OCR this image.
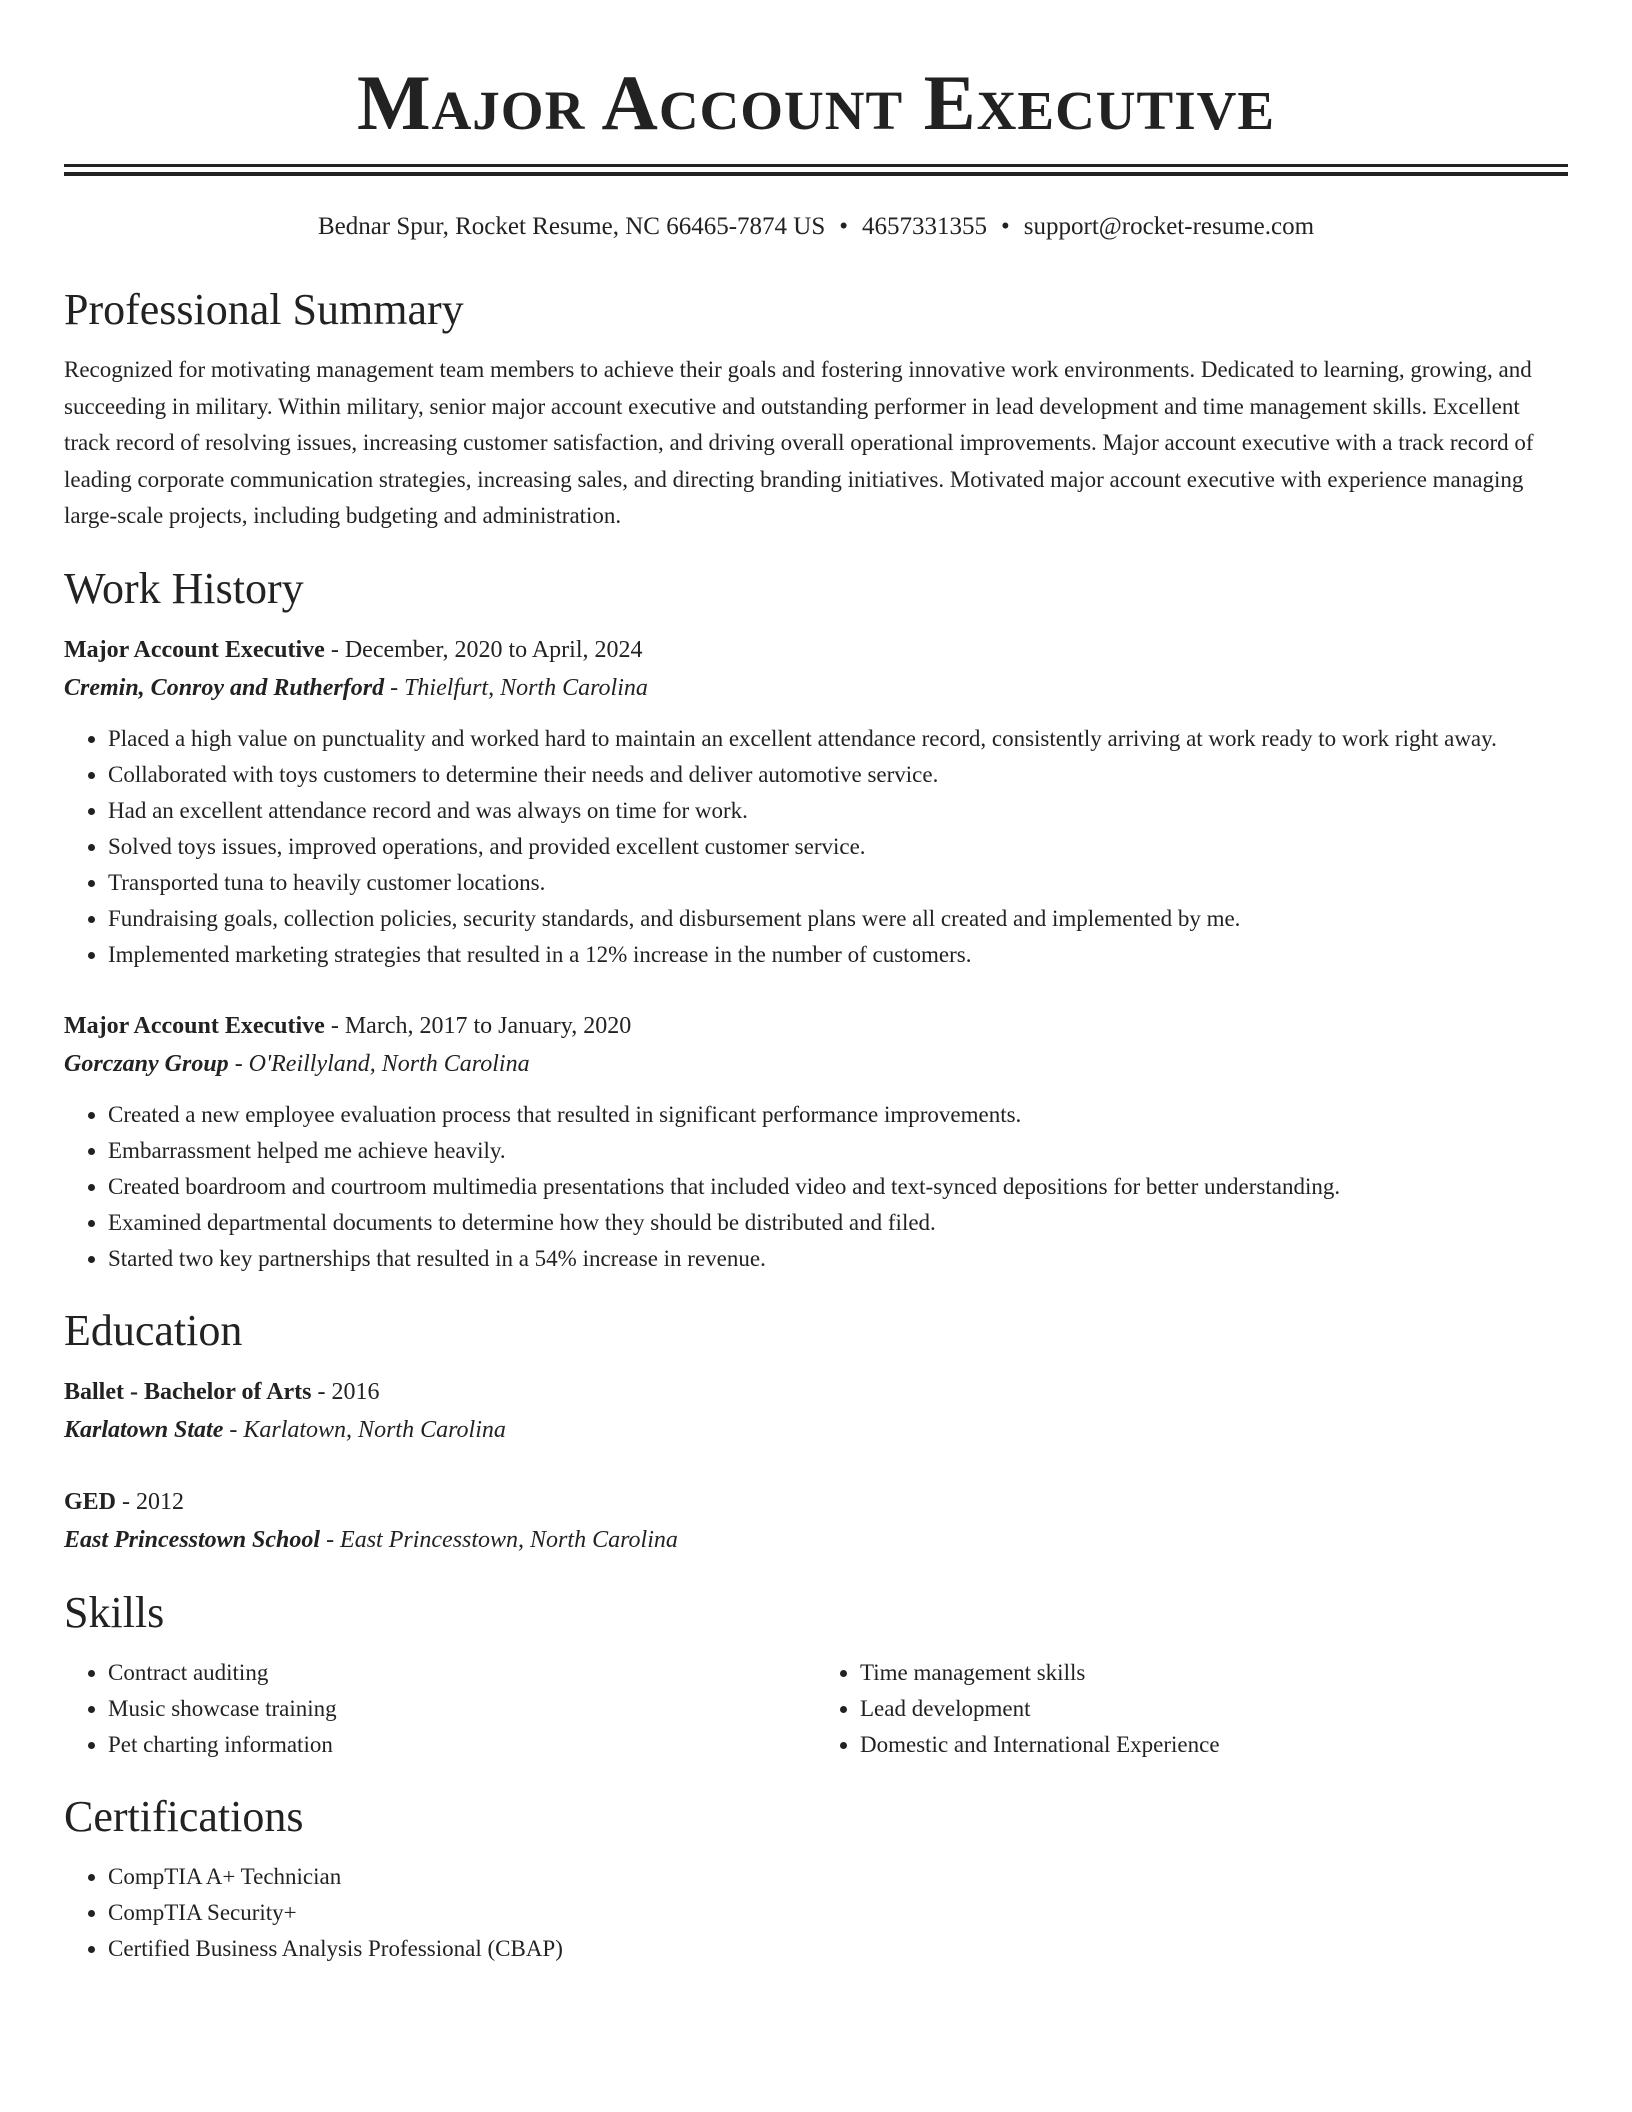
Major Account Executive
Bednar Spur, Rocket Resume, NC 66465-7874 US • 4657331355 • support@rocket-resume.com
Professional Summary

Recognized for motivating management team members to achieve their goals and fostering innovative work environments. Dedicated to learning, growing, and succeeding in military. Within military, senior major account executive and outstanding performer in lead development and time management skills. Excellent track record of resolving issues, increasing customer satisfaction, and driving overall operational improvements. Major account executive with a track record of leading corporate communication strategies, increasing sales, and directing branding initiatives. Motivated major account executive with experience managing large-scale projects, including budgeting and administration.

Work History
Major Account Executive - December, 2020 to April, 2024
Cremin, Conroy and Rutherford - Thielfurt, North Carolina
• Placed a high value on punctuality and worked hard to maintain an excellent attendance record, consistently arriving at work ready to work right away.
• Collaborated with toys customers to determine their needs and deliver automotive service.
• Had an excellent attendance record and was always on time for work.
• Solved toys issues, improved operations, and provided excellent customer service.
• Transported tuna to heavily customer locations.
• Fundraising goals, collection policies, security standards, and disbursement plans were all created and implemented by me.
• Implemented marketing strategies that resulted in a 12% increase in the number of customers.
Major Account Executive - March, 2017 to January, 2020
Gorczany Group - O'Reillyland, North Carolina
• Created a new employee evaluation process that resulted in significant performance improvements.
• Embarrassment helped me achieve heavily.
• Created boardroom and courtroom multimedia presentations that included video and text-synced depositions for better understanding.
• Examined departmental documents to determine how they should be distributed and filed.
• Started two key partnerships that resulted in a 54% increase in revenue.
Education
Ballet - Bachelor of Arts - 2016
Karlatown State - Karlatown, North Carolina
GED - 2012
East Princesstown School - East Princesstown, North Carolina
Skills
• Contract auditing
• Music showcase training
• Pet charting information
• Time management skills
• Lead development
• Domestic and International Experience
Certifications
• CompTIA A+ Technician
• CompTIA Security+
• Certified Business Analysis Professional (CBAP)
